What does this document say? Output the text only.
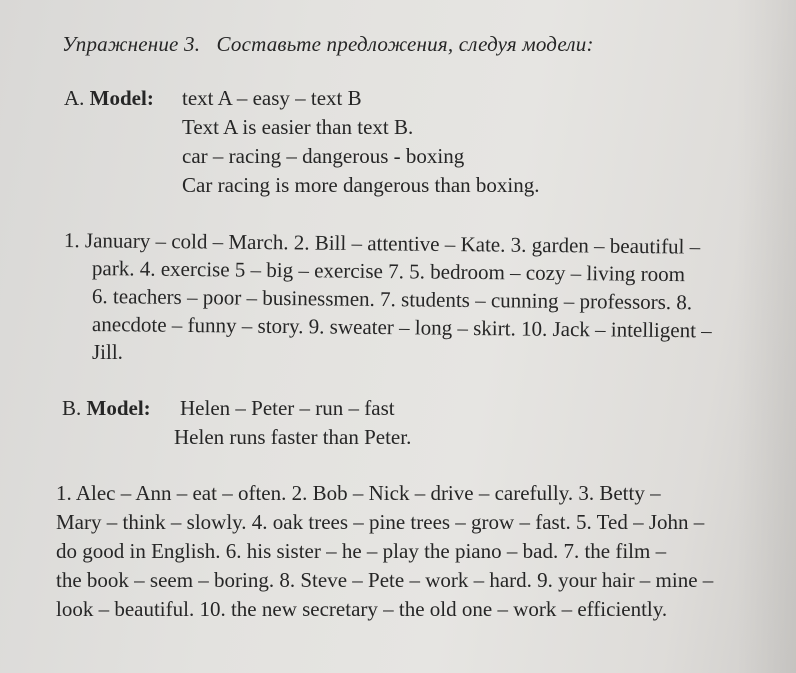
Упражнение 3. Составьте предложения, следуя модели:
A. Model: text A – easy – text B
Text A is easier than text B.
car – racing – dangerous - boxing
Car racing is more dangerous than boxing.
1. January – cold – March. 2. Bill – attentive – Kate. 3. garden – beautiful –
park. 4. exercise 5 – big – exercise 7. 5. bedroom – cozy – living room
6. teachers – poor – businessmen. 7. students – cunning – professors. 8.
anecdote – funny – story. 9. sweater – long – skirt. 10. Jack – intelligent –
Jill.
B. Model: Helen – Peter – run – fast
Helen runs faster than Peter.
1. Alec – Ann – eat – often. 2. Bob – Nick – drive – carefully. 3. Betty –
Mary – think – slowly. 4. oak trees – pine trees – grow – fast. 5. Ted – John –
do good in English. 6. his sister – he – play the piano – bad. 7. the film –
the book – seem – boring. 8. Steve – Pete – work – hard. 9. your hair – mine –
look – beautiful. 10. the new secretary – the old one – work – efficiently.
